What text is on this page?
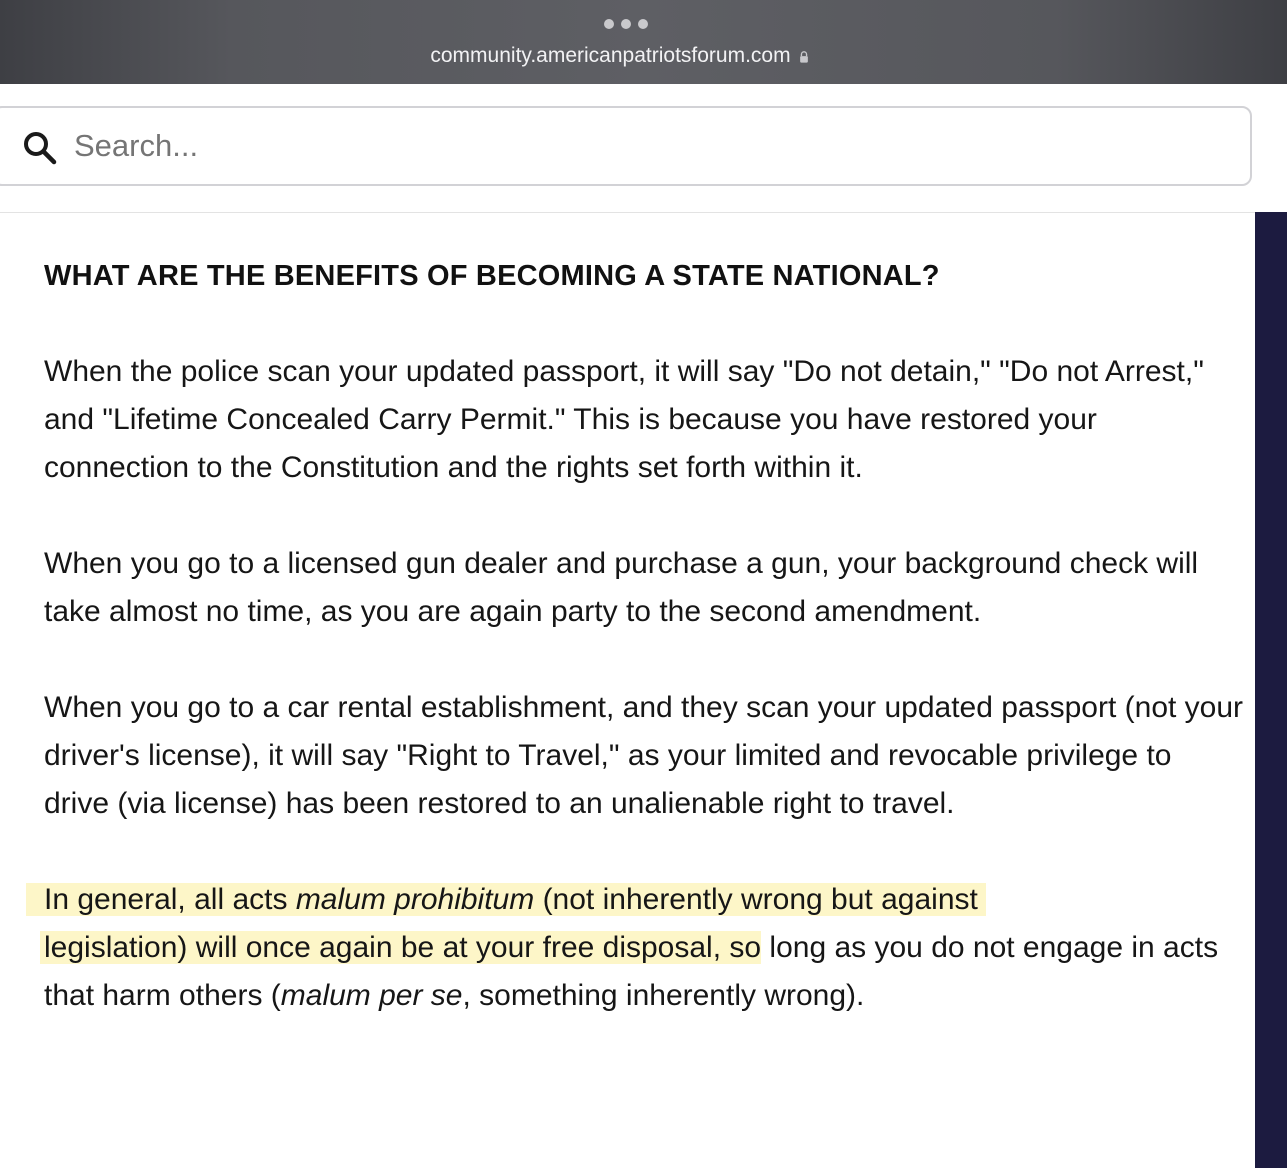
community.americanpatriotsforum.com
Search...
WHAT ARE THE BENEFITS OF BECOMING A STATE NATIONAL?

When the police scan your updated passport, it will say "Do not detain," "Do not Arrest," and "Lifetime Concealed Carry Permit." This is because you have restored your connection to the Constitution and the rights set forth within it.

When you go to a licensed gun dealer and purchase a gun, your background check will take almost no time, as you are again party to the second amendment.

When you go to a car rental establishment, and they scan your updated passport (not your driver's license), it will say "Right to Travel," as your limited and revocable privilege to drive (via license) has been restored to an unalienable right to travel.

In general, all acts malum prohibitum (not inherently wrong but against
legislation) will once again be at your free disposal, so long as you do not engage in acts that harm others (malum per se, something inherently wrong).
